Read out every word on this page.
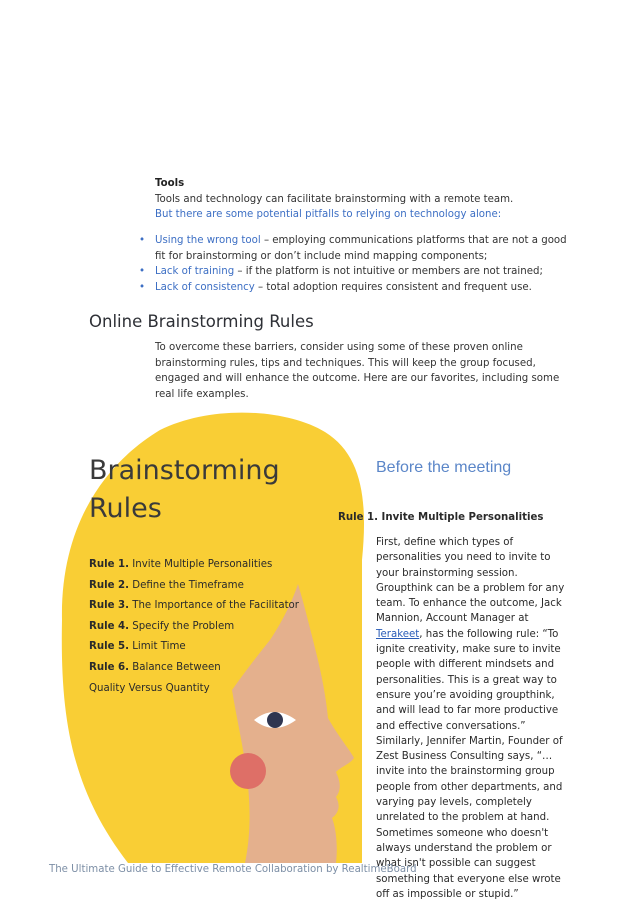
Tools
Tools and technology can facilitate brainstorming with a remote team.
But there are some potential pitfalls to relying on technology alone:
• Using the wrong tool – employing communications platforms that are not a good fit for brainstorming or don’t include mind mapping components;
• Lack of training – if the platform is not intuitive or members are not trained;
• Lack of consistency – total adoption requires consistent and frequent use.
Online Brainstorming Rules
To overcome these barriers, consider using some of these proven online brainstorming rules, tips and techniques. This will keep the group focused, engaged and will enhance the outcome. Here are our favorites, including some real life examples.
Brainstorming
Rules
Rule 1. Invite Multiple Personalities
Rule 2. Define the Timeframe
Rule 3. The Importance of the Facilitator
Rule 4. Specify the Problem
Rule 5. Limit Time
Rule 6. Balance Between
Quality Versus Quantity
Before the meeting
Rule 1. Invite Multiple Personalities
First, define which types of personalities you need to invite to your brainstorming session. Groupthink can be a problem for any team. To enhance the outcome, Jack Mannion, Account Manager at Terakeet, has the following rule: “To ignite creativity, make sure to invite people with different mindsets and personalities. This is a great way to ensure you’re avoiding groupthink, and will lead to far more productive and effective conversations.”
Similarly, Jennifer Martin, Founder of Zest Business Consulting says, “… invite into the brainstorming group people from other departments, and varying pay levels, completely unrelated to the problem at hand. Sometimes someone who doesn't always understand the problem or what isn't possible can suggest something that everyone else wrote off as impossible or stupid.”
The Ultimate Guide to Effective Remote Collaboration by RealtimeBoard
